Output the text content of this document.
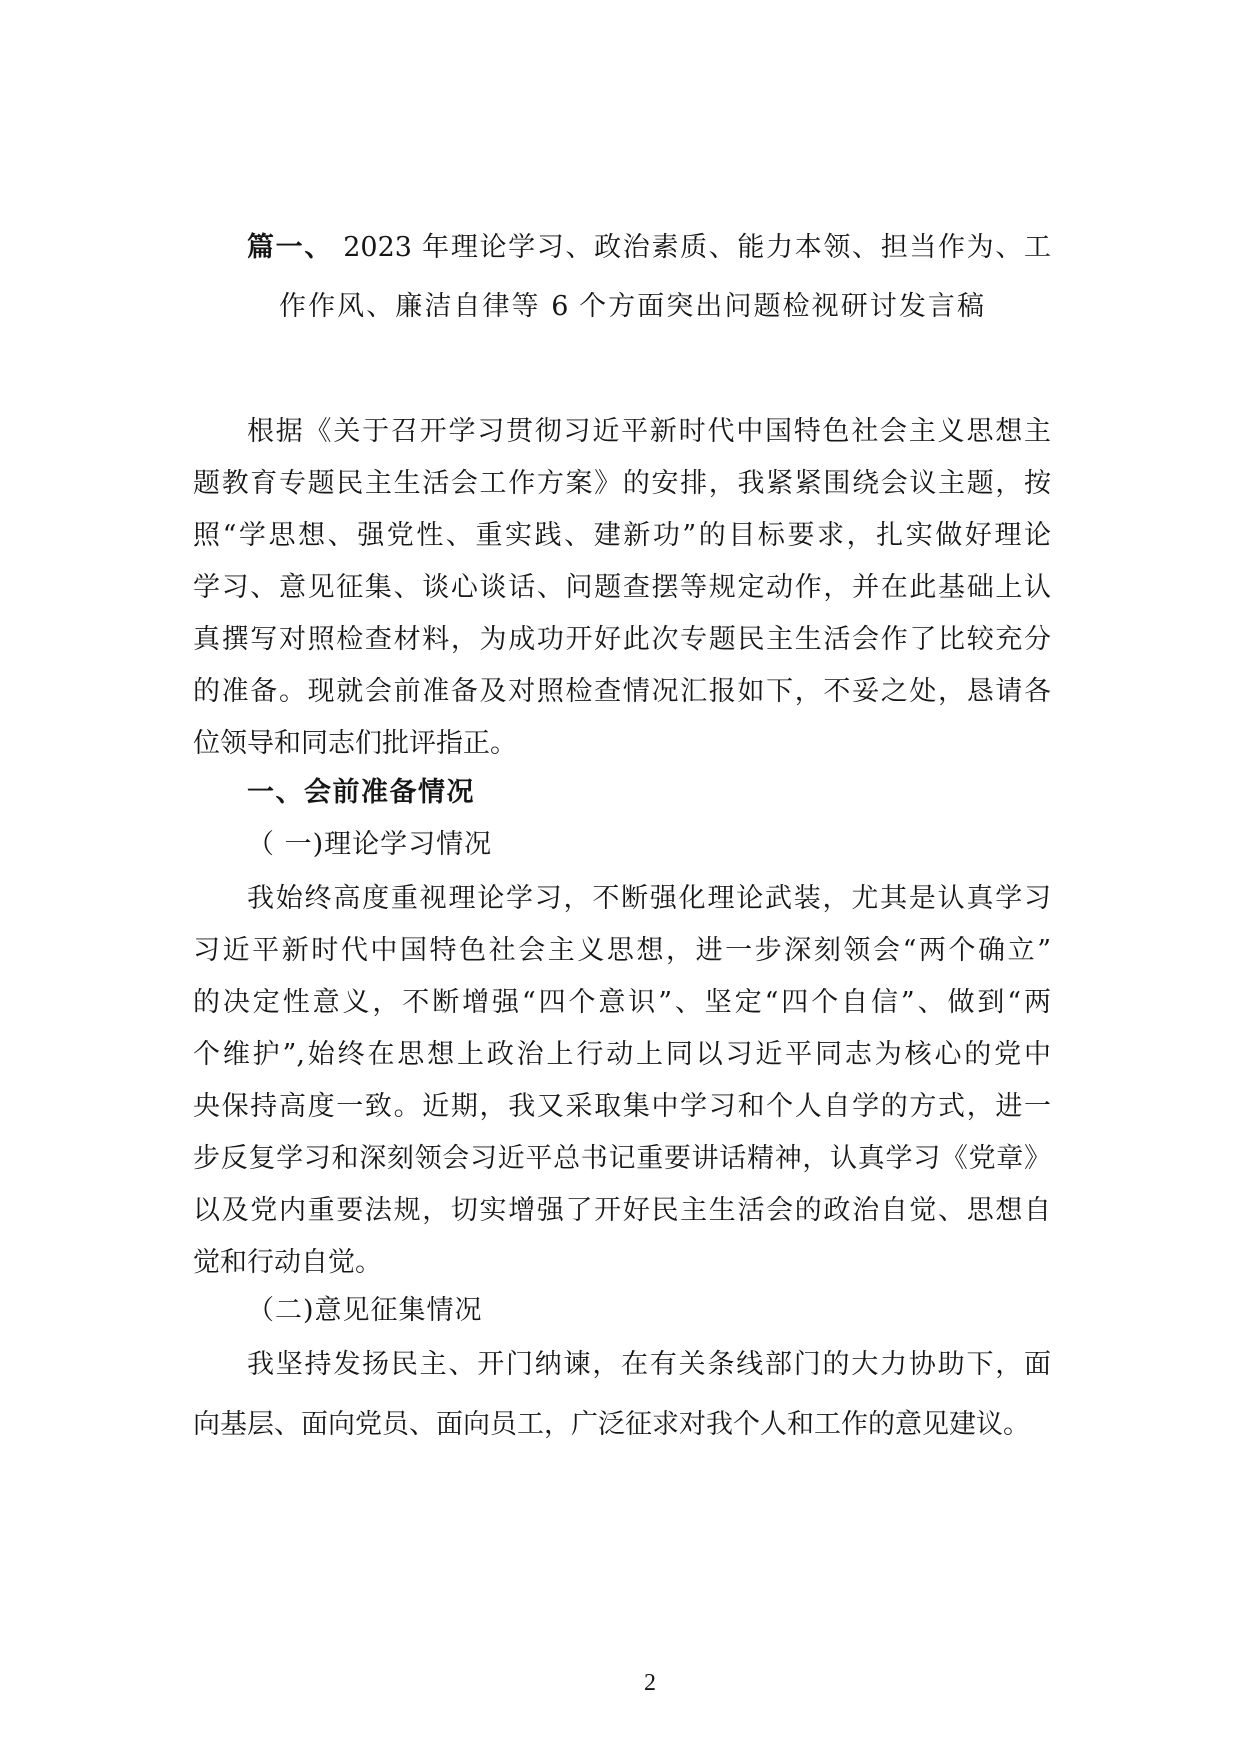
篇一、 2023 年理论学习、政治素质、能力本领、担当作为、工
作作风、廉洁自律等 6 个方面突出问题检视研讨发言稿
根据《关于召开学习贯彻习近平新时代中国特色社会主义思想主
题教育专题民主生活会工作方案》的安排，我紧紧围绕会议主题，按
照“学思想、强党性、重实践、建新功”的目标要求，扎实做好理论
学习、意见征集、谈心谈话、问题查摆等规定动作，并在此基础上认
真撰写对照检查材料，为成功开好此次专题民主生活会作了比较充分
的准备。现就会前准备及对照检查情况汇报如下，不妥之处，恳请各
位领导和同志们批评指正。
一、会前准备情况
（ 一)理论学习情况
我始终高度重视理论学习，不断强化理论武装，尤其是认真学习
习近平新时代中国特色社会主义思想，进一步深刻领会“两个确立”
的决定性意义，不断增强“四个意识”、坚定“四个自信”、做到“两
个维护”,始终在思想上政治上行动上同以习近平同志为核心的党中
央保持高度一致。近期，我又采取集中学习和个人自学的方式，进一
步反复学习和深刻领会习近平总书记重要讲话精神，认真学习《党章》
以及党内重要法规，切实增强了开好民主生活会的政治自觉、思想自
觉和行动自觉。
（二)意见征集情况
我坚持发扬民主、开门纳谏，在有关条线部门的大力协助下，面
向基层、面向党员、面向员工，广泛征求对我个人和工作的意见建议。
2
